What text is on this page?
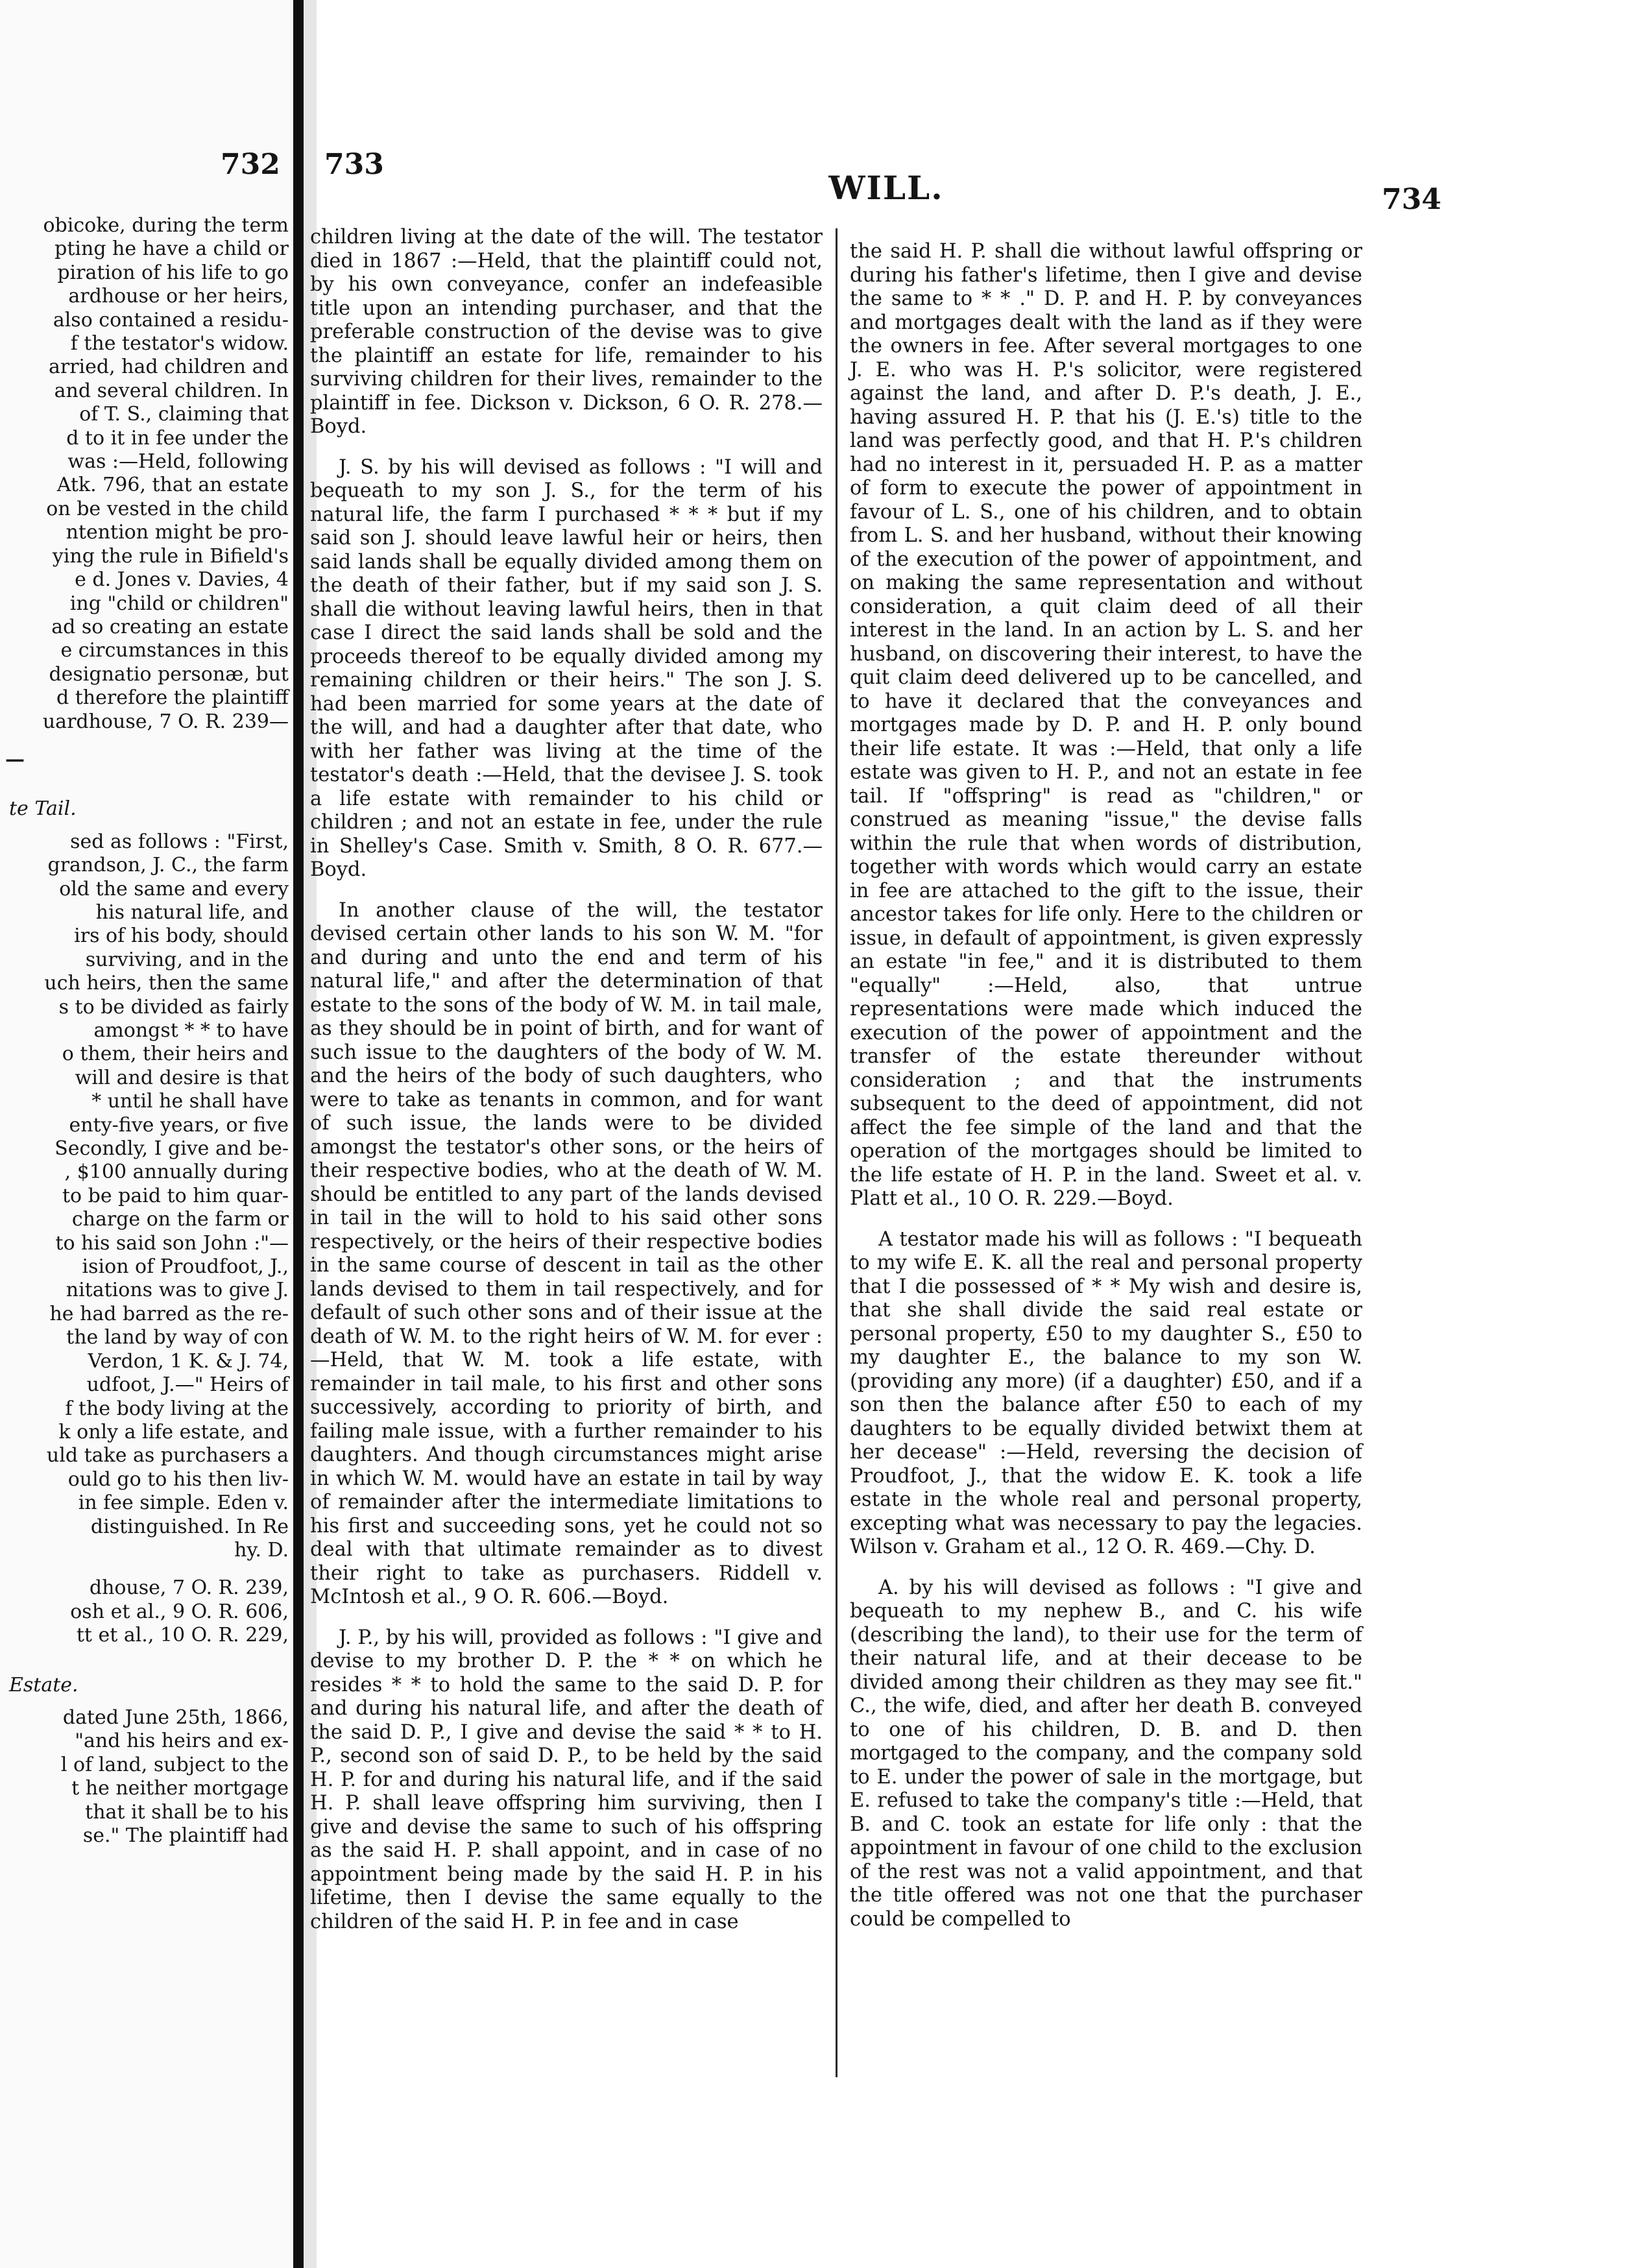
732
obicoke, during the term
pting he have a child or
piration of his life to go
ardhouse or her heirs,
also contained a residu-
f the testator's widow.
arried, had children and
and several children. In
of T. S., claiming that
d to it in fee under the
was :—Held, following
Atk. 796, that an estate
on be vested in the child
ntention might be pro-
ying the rule in Bifield's
e d. Jones v. Davies, 4
ing "child or children"
ad so creating an estate
e circumstances in this
designatio personæ, but
d therefore the plaintiff
uardhouse, 7 O. R. 239—
—
te Tail.
sed as follows : "First,
grandson, J. C., the farm
old the same and every
his natural life, and
irs of his body, should
surviving, and in the
uch heirs, then the same
s to be divided as fairly
amongst * * to have
o them, their heirs and
will and desire is that
* until he shall have
enty-five years, or five
Secondly, I give and be-
, $100 annually during
to be paid to him quar-
charge on the farm or
to his said son John :"—
ision of Proudfoot, J.,
nitations was to give J.
he had barred as the re-
the land by way of con
Verdon, 1 K. & J. 74,
udfoot, J.—" Heirs of
f the body living at the
k only a life estate, and
uld take as purchasers a
ould go to his then liv-
in fee simple. Eden v.
distinguished. In Re
hy. D.
dhouse, 7 O. R. 239,
osh et al., 9 O. R. 606,
tt et al., 10 O. R. 229,
Estate.
dated June 25th, 1866,
"and his heirs and ex-
l of land, subject to the
t he neither mortgage
that it shall be to his
se." The plaintiff had
733
WILL.	734

children living at the date of the will. The testator died in 1867 :—Held, that the plaintiff could not, by his own conveyance, confer an indefeasible title upon an intending purchaser, and that the preferable construction of the devise was to give the plaintiff an estate for life, remainder to his surviving children for their lives, remainder to the plaintiff in fee. Dickson v. Dickson, 6 O. R. 278.—Boyd.

J. S. by his will devised as follows : "I will and bequeath to my son J. S., for the term of his natural life, the farm I purchased * * * but if my said son J. should leave lawful heir or heirs, then said lands shall be equally divided among them on the death of their father, but if my said son J. S. shall die without leaving lawful heirs, then in that case I direct the said lands shall be sold and the proceeds thereof to be equally divided among my remaining children or their heirs." The son J. S. had been married for some years at the date of the will, and had a daughter after that date, who with her father was living at the time of the testator's death :—Held, that the devisee J. S. took a life estate with remainder to his child or children ; and not an estate in fee, under the rule in Shelley's Case. Smith v. Smith, 8 O. R. 677.—Boyd.

In another clause of the will, the testator devised certain other lands to his son W. M. "for and during and unto the end and term of his natural life," and after the determination of that estate to the sons of the body of W. M. in tail male, as they should be in point of birth, and for want of such issue to the daughters of the body of W. M. and the heirs of the body of such daughters, who were to take as tenants in common, and for want of such issue, the lands were to be divided amongst the testator's other sons, or the heirs of their respective bodies, who at the death of W. M. should be entitled to any part of the lands devised in tail in the will to hold to his said other sons respectively, or the heirs of their respective bodies in the same course of descent in tail as the other lands devised to them in tail respectively, and for default of such other sons and of their issue at the death of W. M. to the right heirs of W. M. for ever :—Held, that W. M. took a life estate, with remainder in tail male, to his first and other sons successively, according to priority of birth, and failing male issue, with a further remainder to his daughters. And though circumstances might arise in which W. M. would have an estate in tail by way of remainder after the intermediate limitations to his first and succeeding sons, yet he could not so deal with that ultimate remainder as to divest their right to take as purchasers. Riddell v. McIntosh et al., 9 O. R. 606.—Boyd.

J. P., by his will, provided as follows : "I give and devise to my brother D. P. the * * on which he resides * * to hold the same to the said D. P. for and during his natural life, and after the death of the said D. P., I give and devise the said * * to H. P., second son of said D. P., to be held by the said H. P. for and during his natural life, and if the said H. P. shall leave offspring him surviving, then I give and devise the same to such of his offspring as the said H. P. shall appoint, and in case of no appointment being made by the said H. P. in his lifetime, then I devise the same equally to the children of the said H. P. in fee and in case

the said H. P. shall die without lawful offspring or during his father's lifetime, then I give and devise the same to * * ." D. P. and H. P. by conveyances and mortgages dealt with the land as if they were the owners in fee. After several mortgages to one J. E. who was H. P.'s solicitor, were registered against the land, and after D. P.'s death, J. E., having assured H. P. that his (J. E.'s) title to the land was perfectly good, and that H. P.'s children had no interest in it, persuaded H. P. as a matter of form to execute the power of appointment in favour of L. S., one of his children, and to obtain from L. S. and her husband, without their knowing of the execution of the power of appointment, and on making the same representation and without consideration, a quit claim deed of all their interest in the land. In an action by L. S. and her husband, on discovering their interest, to have the quit claim deed delivered up to be cancelled, and to have it declared that the conveyances and mortgages made by D. P. and H. P. only bound their life estate. It was :—Held, that only a life estate was given to H. P., and not an estate in fee tail. If "offspring" is read as "children," or construed as meaning "issue," the devise falls within the rule that when words of distribution, together with words which would carry an estate in fee are attached to the gift to the issue, their ancestor takes for life only. Here to the children or issue, in default of appointment, is given expressly an estate "in fee," and it is distributed to them "equally" :—Held, also, that untrue representations were made which induced the execution of the power of appointment and the transfer of the estate thereunder without consideration ; and that the instruments subsequent to the deed of appointment, did not affect the fee simple of the land and that the operation of the mortgages should be limited to the life estate of H. P. in the land. Sweet et al. v. Platt et al., 10 O. R. 229.—Boyd.

A testator made his will as follows : "I bequeath to my wife E. K. all the real and personal property that I die possessed of * * My wish and desire is, that she shall divide the said real estate or personal property, £50 to my daughter S., £50 to my daughter E., the balance to my son W. (providing any more) (if a daughter) £50, and if a son then the balance after £50 to each of my daughters to be equally divided betwixt them at her decease" :—Held, reversing the decision of Proudfoot, J., that the widow E. K. took a life estate in the whole real and personal property, excepting what was necessary to pay the legacies. Wilson v. Graham et al., 12 O. R. 469.—Chy. D.

A. by his will devised as follows : "I give and bequeath to my nephew B., and C. his wife (describing the land), to their use for the term of their natural life, and at their decease to be divided among their children as they may see fit." C., the wife, died, and after her death B. conveyed to one of his children, D. B. and D. then mortgaged to the company, and the company sold to E. under the power of sale in the mortgage, but E. refused to take the company's title :—Held, that B. and C. took an estate for life only : that the appointment in favour of one child to the exclusion of the rest was not a valid appointment, and that the title offered was not one that the purchaser could be compelled to
